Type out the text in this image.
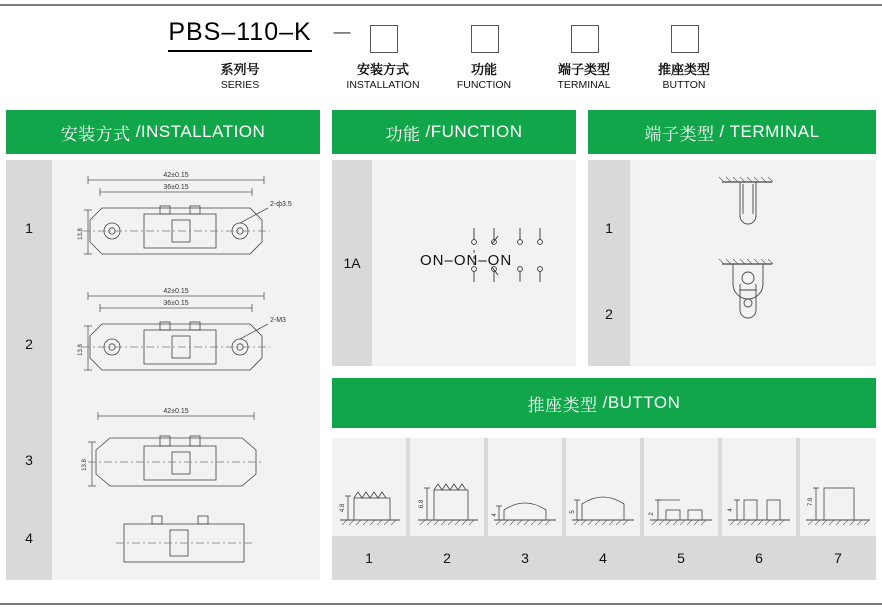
PBS–110–K	—
系列号
SERIES
安装方式
INSTALLATION
功能
FUNCTION
端子类型
TERMINAL
推座类型
BUTTON
安装方式 /INSTALLATION	功能 /FUNCTION	端子类型 / TERMINAL
推座类型 /BUTTON
1
2
3
4
42±0.15
36±0.15
13.8
2-ф3.5
42±0.15
36±0.15
13.8
2-M3
42±0.15
13.8
1A	ON–ON–ON
1
2
4.8
1
6.8
2
4
3
5
4
2
5
4
6
7.8
7
